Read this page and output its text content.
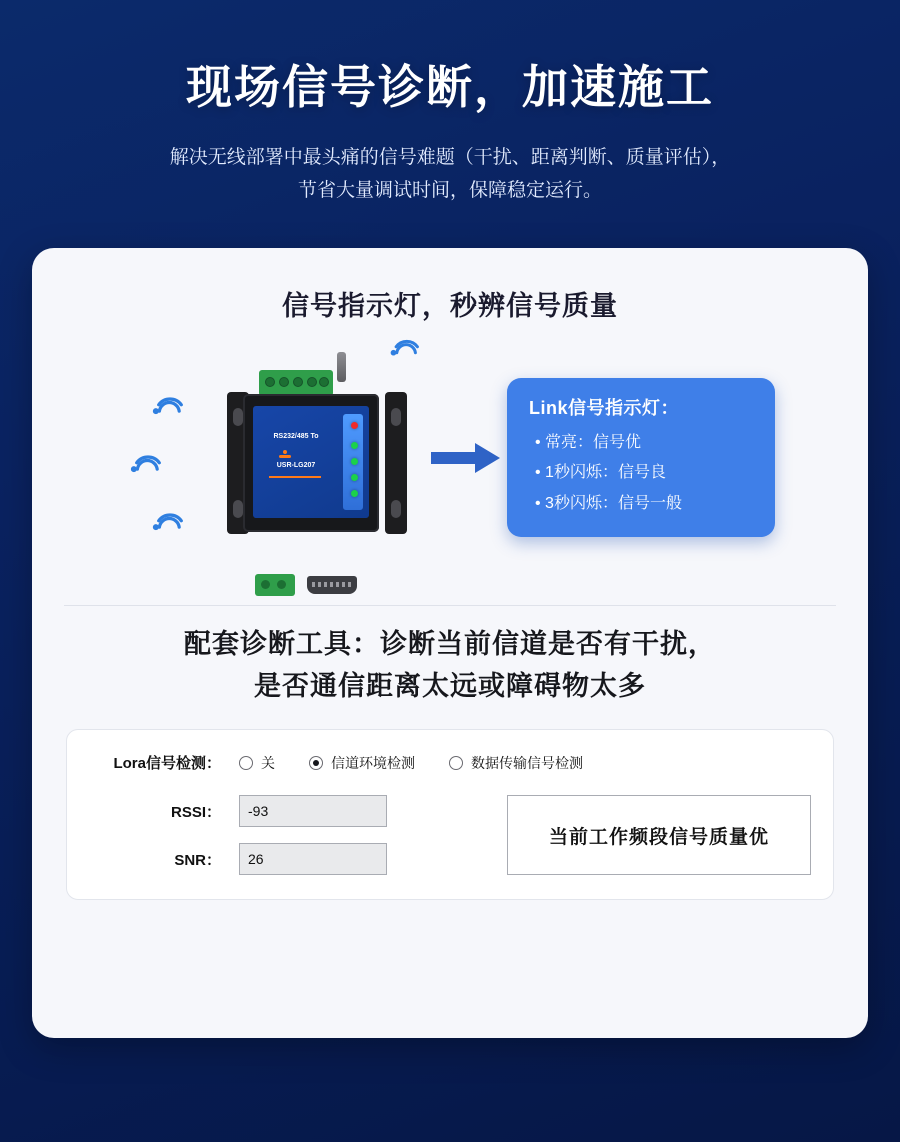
现场信号诊断，加速施工

解决无线部署中最头痛的信号难题（干扰、距离判断、质量评估），
节省大量调试时间，保障稳定运行。

信号指示灯，秒辨信号质量
RS232/485 To
USR-LG207
Link信号指示灯：
• 常亮：信号优
• 1秒闪烁：信号良
• 3秒闪烁：信号一般
配套诊断工具：诊断当前信道是否有干扰，
是否通信距离太远或障碍物太多
Lora信号检测：	关	信道环境检测	数据传输信号检测
RSSI：	-93
SNR：	26
当前工作频段信号质量优
